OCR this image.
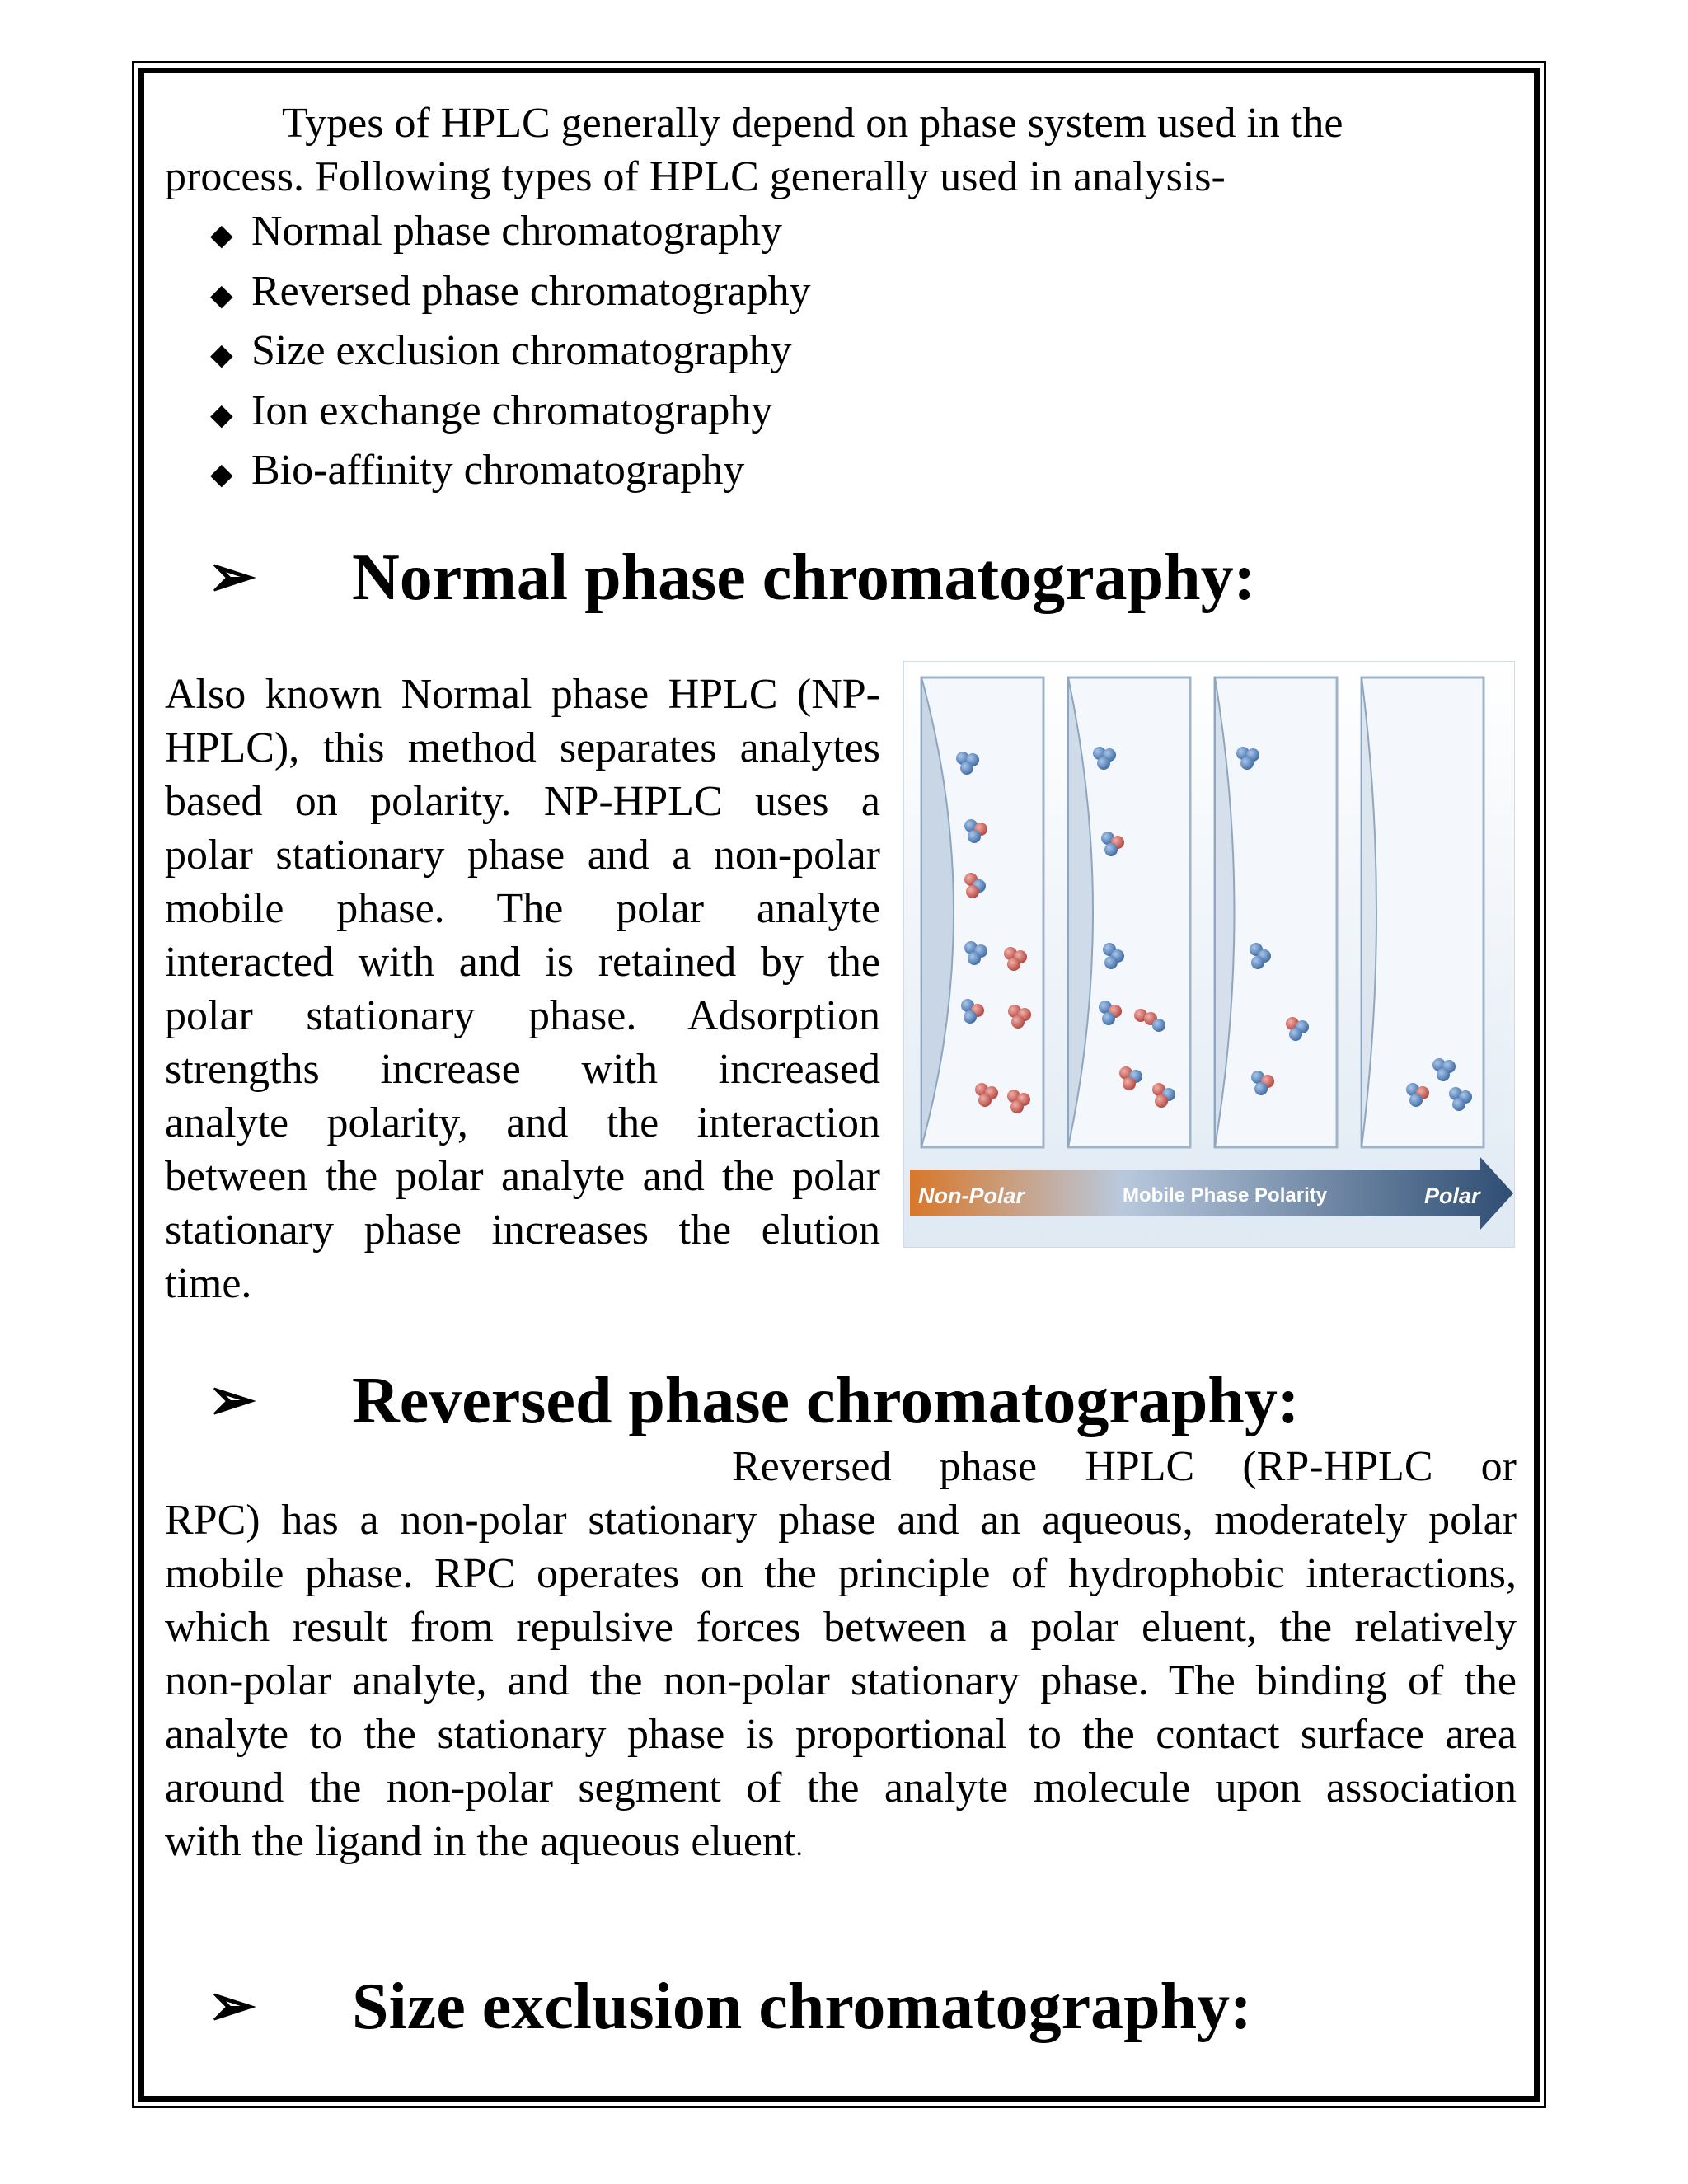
Types of HPLC generally depend on phase system used in the
process. Following types of HPLC generally used in analysis-
◆ Normal phase chromatography
◆ Reversed phase chromatography
◆ Size exclusion chromatography
◆ Ion exchange chromatography
◆ Bio-affinity chromatography
➢	Normal phase chromatography:
Also known Normal phase HPLC (NP-
HPLC), this method separates analytes
based on polarity. NP-HPLC uses a
polar stationary phase and a non-polar
mobile phase. The polar analyte
interacted with and is retained by the
polar stationary phase. Adsorption
strengths increase with increased
analyte polarity, and the interaction
between the polar analyte and the polar
stationary phase increases the elution
time.
Non-Polar	Mobile Phase Polarity	Polar
➢	Reversed phase chromatography:
Reversed phase HPLC (RP-HPLC or
RPC) has a non-polar stationary phase and an aqueous, moderately polar
mobile phase. RPC operates on the principle of hydrophobic interactions,
which result from repulsive forces between a polar eluent, the relatively
non-polar analyte, and the non-polar stationary phase. The binding of the
analyte to the stationary phase is proportional to the contact surface area
around the non-polar segment of the analyte molecule upon association
with the ligand in the aqueous eluent.
➢	Size exclusion chromatography:
